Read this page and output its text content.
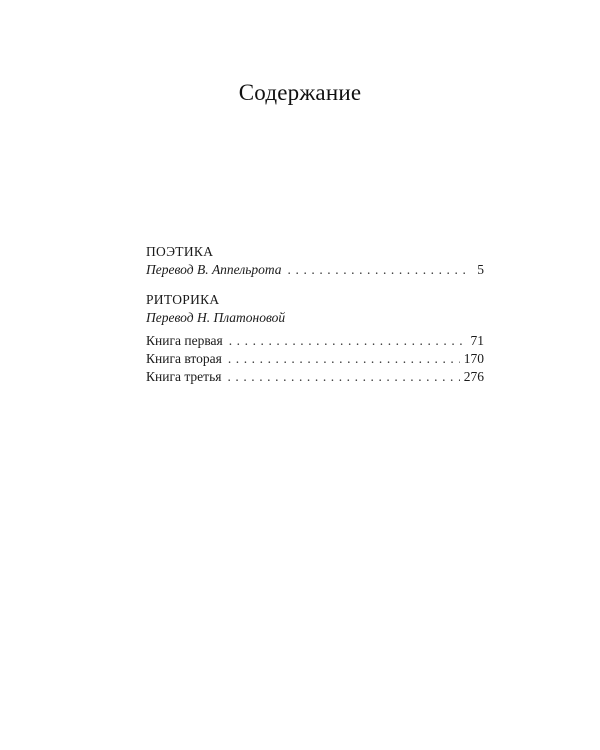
Содержание
ПОЭТИКА
Перевод В. Аппельрота . . .	5
РИТОРИКА
Перевод Н. Платоновой
Книга первая . . .	71
Книга вторая . . .	170
Книга третья . . .	276
